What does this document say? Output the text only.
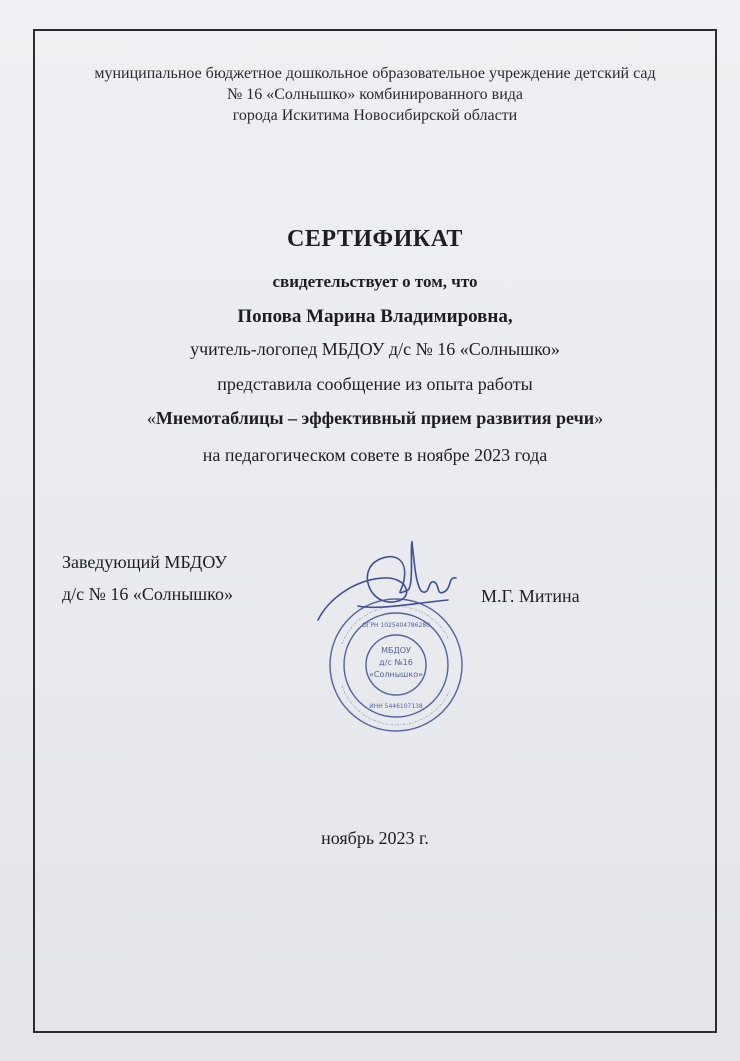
муниципальное бюджетное дошкольное образовательное учреждение детский сад
№ 16 «Солнышко» комбинированного вида
города Искитима Новосибирской области
СЕРТИФИКАТ
свидетельствует о том, что
Попова Марина Владимировна,
учитель-логопед МБДОУ д/с № 16 «Солнышко»
представила сообщение из опыта работы
«Мнемотаблицы – эффективный прием развития речи»
на педагогическом совете в ноябре 2023 года
Заведующий МБДОУ
д/с № 16 «Солнышко»	М.Г. Митина
МБДОУ
д/с №16
«Солнышко»
ОГРН 1025404786280
ИНН 5446107138
ноябрь 2023 г.
